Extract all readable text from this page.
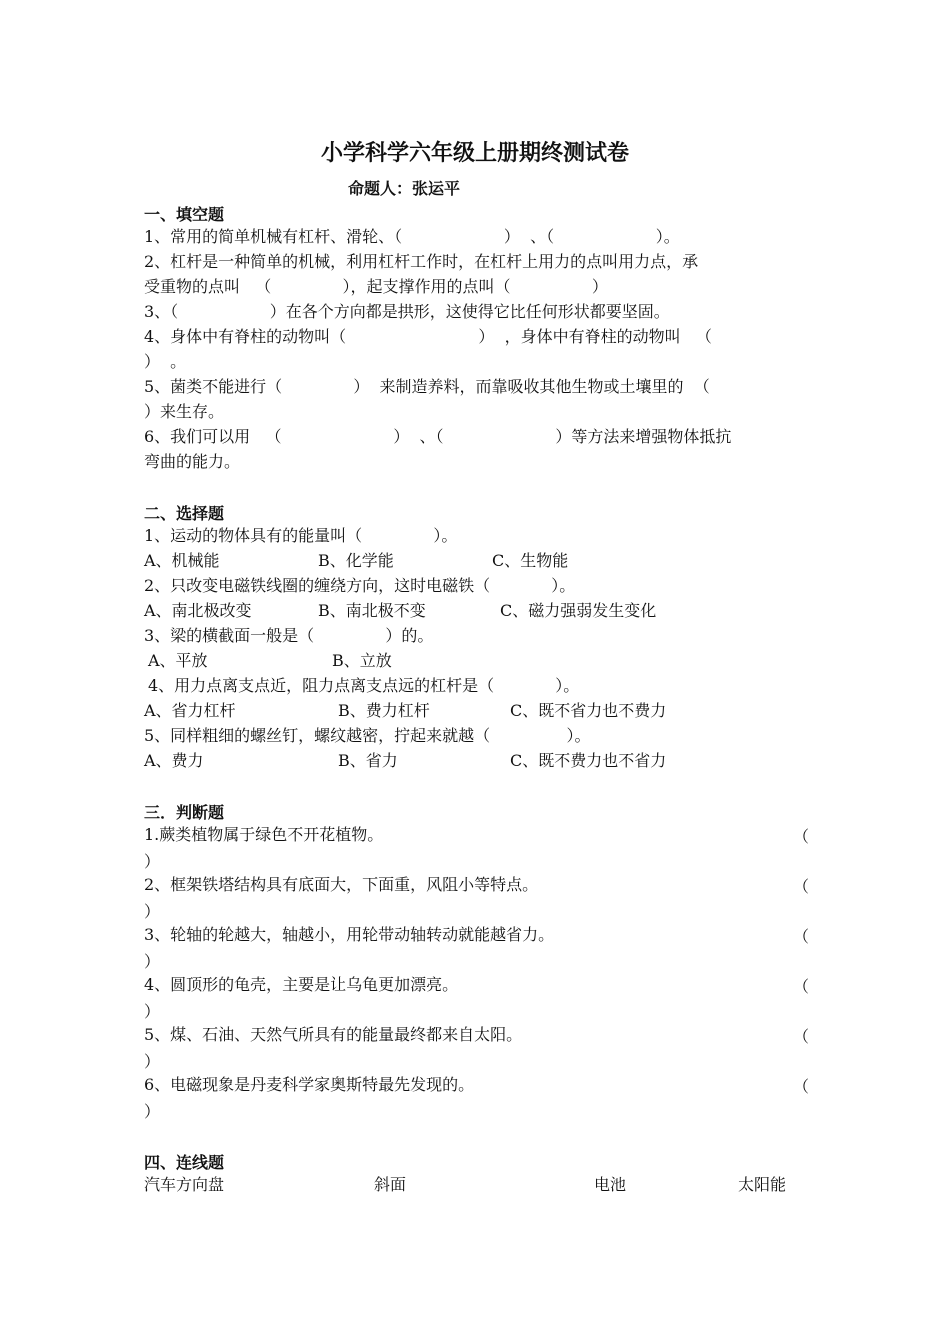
小学科学六年级上册期终测试卷
命题人：张运平
一、填空题
1、常用的简单机械有杠杆、滑轮、（                    ）  、（                    ）。
2、杠杆是一种简单的机械，利用杠杆工作时，在杠杆上用力的点叫用力点，承
受重物的点叫   （              ），起支撑作用的点叫（                ）
3、（                  ）在各个方向都是拱形，这使得它比任何形状都要坚固。
4、身体中有脊柱的动物叫（                          ）  ，身体中有脊柱的动物叫   （
）  。
5、菌类不能进行（              ）  来制造养料，而靠吸收其他生物或土壤里的  （
）来生存。
6、我们可以用   （                      ）  、（                      ）等方法来增强物体抵抗
弯曲的能力。
二、选择题
1、运动的物体具有的能量叫（              ）。
A、机械能	B、化学能	C、生物能
2、只改变电磁铁线圈的缠绕方向，这时电磁铁（            ）。
A、南北极改变	B、南北极不变	C、磁力强弱发生变化
3、梁的横截面一般是（              ）的。
A、平放	B、立放
4、用力点离支点近，阻力点离支点远的杠杆是（            ）。
A、省力杠杆	B、费力杠杆	C、既不省力也不费力
5、同样粗细的螺丝钉，螺纹越密，拧起来就越（               ）。
A、费力	B、省力	C、既不费力也不省力
三．判断题
1.蕨类植物属于绿色不开花植物。	（
）
2、框架铁塔结构具有底面大，下面重，风阻小等特点。	（
）
3、轮轴的轮越大，轴越小，用轮带动轴转动就能越省力。	（
）
4、圆顶形的龟壳，主要是让乌龟更加漂亮。	（
）
5、煤、石油、天然气所具有的能量最终都来自太阳。	（
）
6、电磁现象是丹麦科学家奥斯特最先发现的。	（
）
四、连线题
汽车方向盘	斜面	电池	太阳能
